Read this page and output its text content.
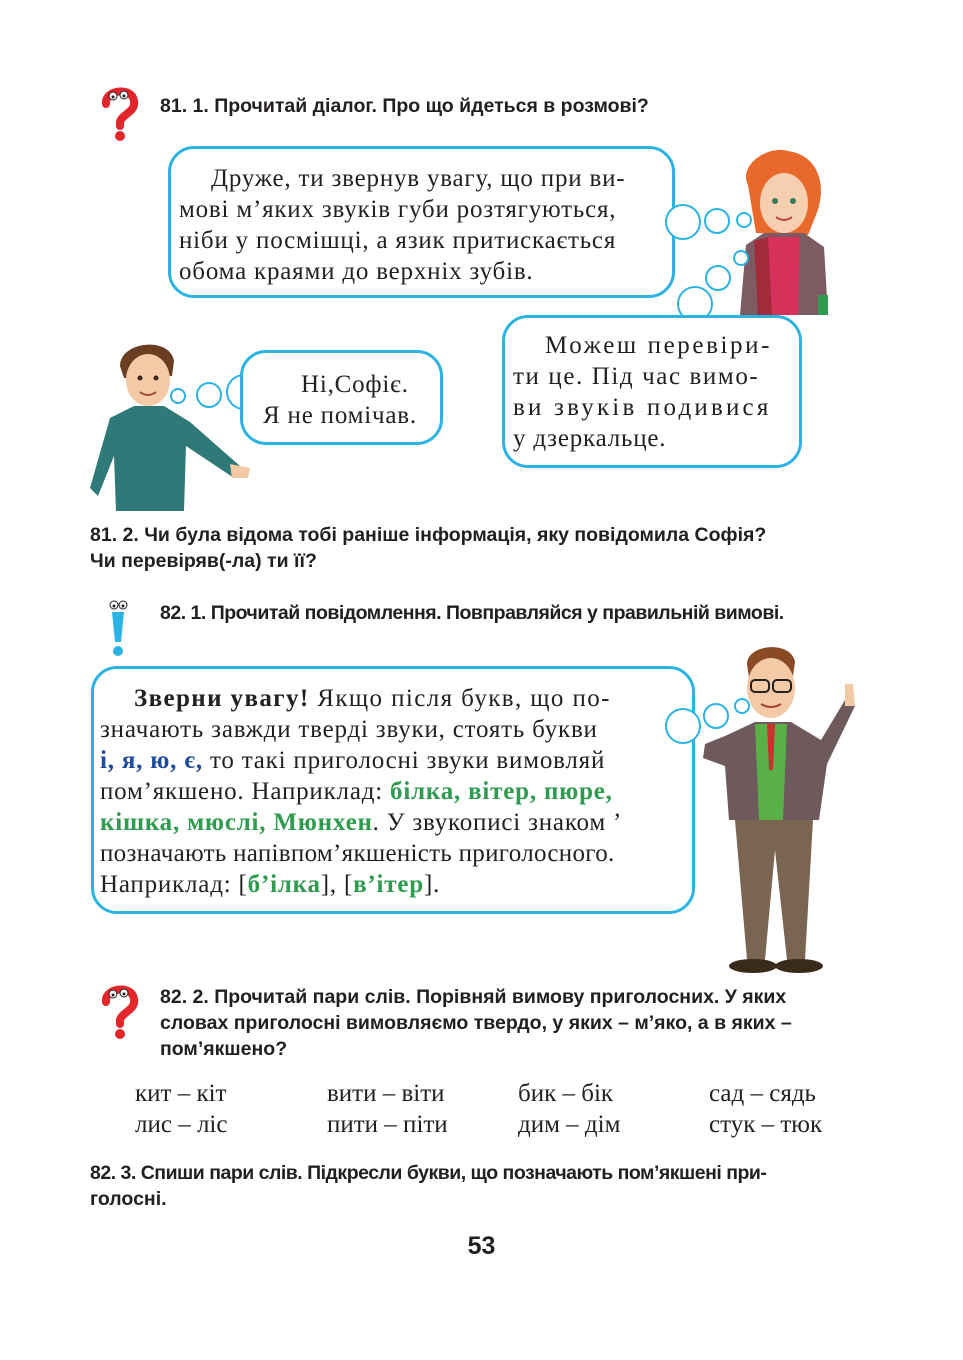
81. 1. Прочитай діалог. Про що йдеться в розмові?
Друже, ти звернув увагу, що при ви-
мові м’яких звуків губи розтягуються,
ніби у посмішці, а язик притискається
обома краями до верхніх зубів.
Ні,Софіє.
Я не помічав.
Можеш перевіри-
ти це. Під час вимо-
ви звуків подивися
у дзеркальце.
81. 2. Чи була відома тобі раніше інформація, яку повідомила Софія?
Чи перевіряв(-ла) ти її?
82. 1. Прочитай повідомлення. Повправляйся у правильній вимові.
Зверни увагу! Якщо після букв, що по-
значають завжди тверді звуки, стоять букви
і, я, ю, є, то такі приголосні звуки вимовляй
пом’якшено. Наприклад: білка, вітер, пюре,
кішка, мюслі, Мюнхен. У звукописі знаком ’
позначають напівпом’якшеність приголосного.
Наприклад: [б’ілка], [в’ітер].
82. 2. Прочитай пари слів. Порівняй вимову приголосних. У яких
словах приголосні вимовляємо твердо, у яких – м’яко, а в яких –
пом’якшено?
кит – кіт	вити – віти	бик – бік	сад – сядь
лис – ліс	пити – піти	дим – дім	стук – тюк
82. 3. Спиши пари слів. Підкресли букви, що позначають пом’якшені при-
голосні.
53
